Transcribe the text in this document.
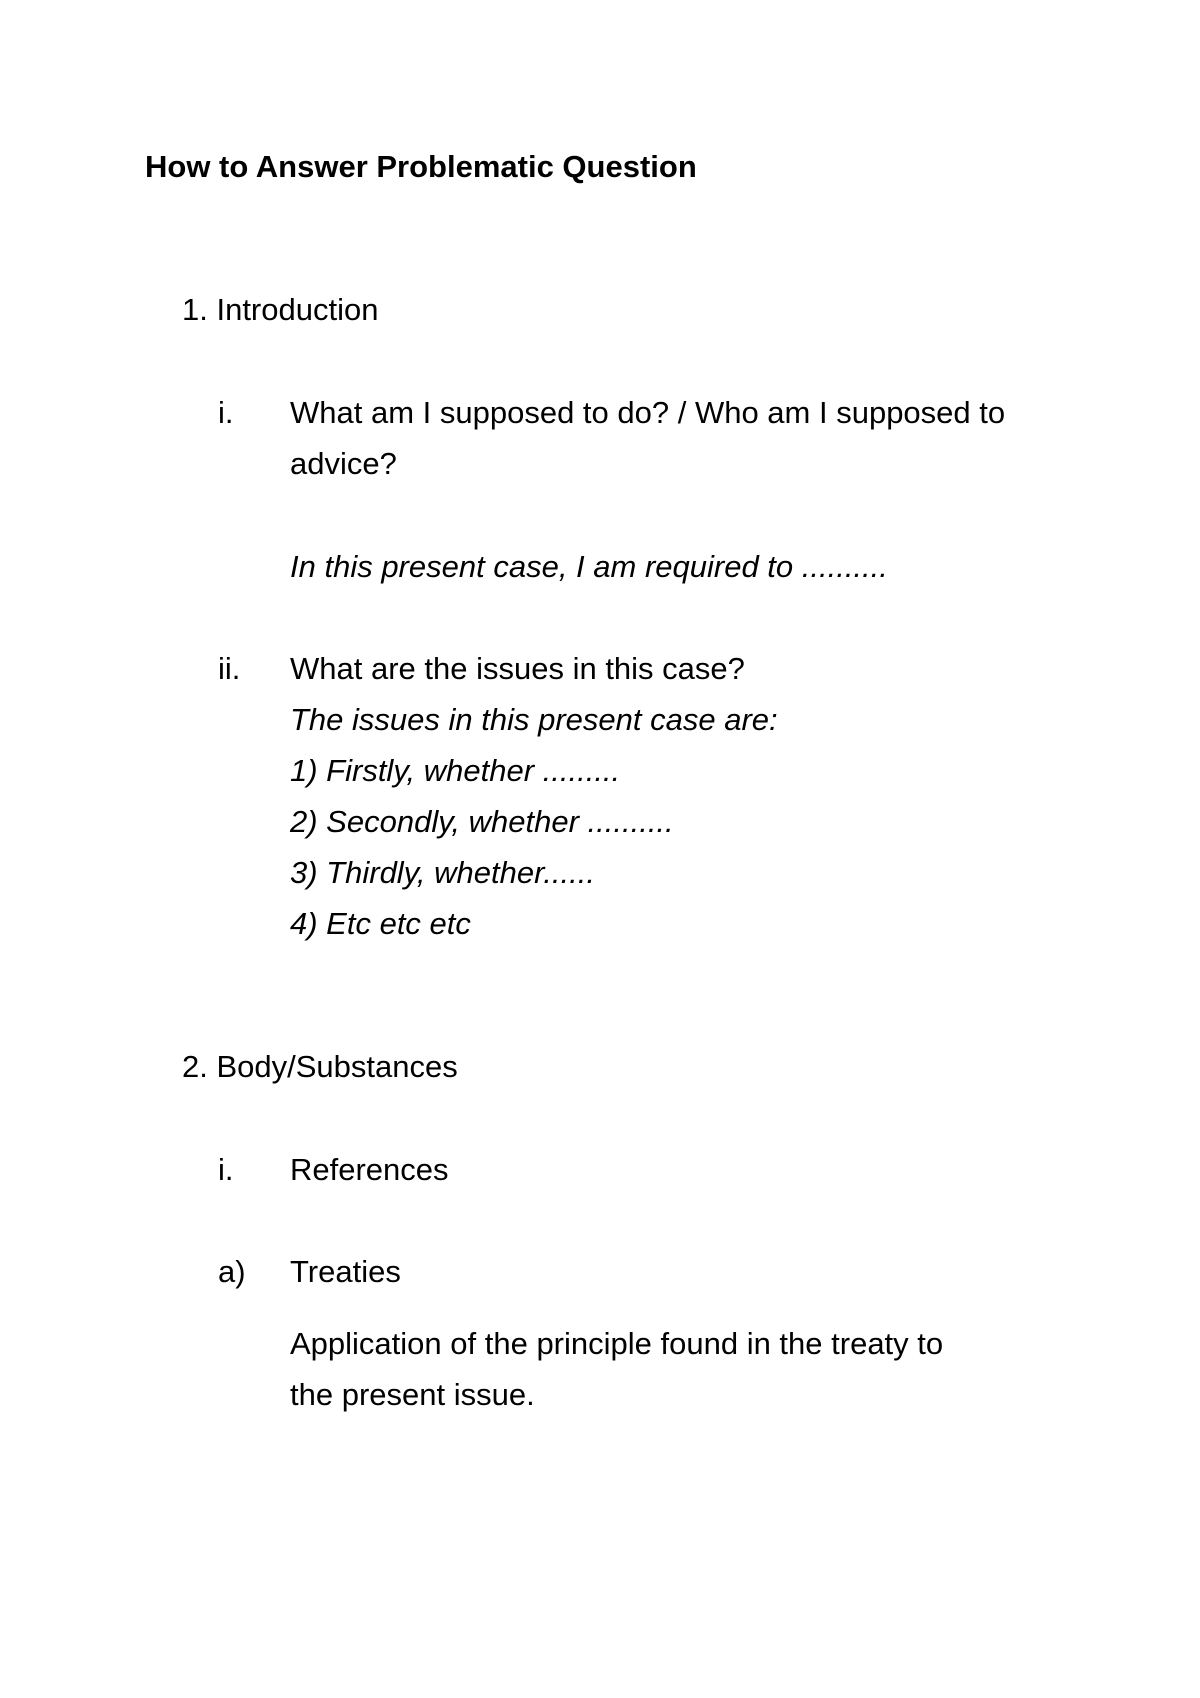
How to Answer Problematic Question
1. Introduction
i. What am I supposed to do? / Who am I supposed to
advice?
In this present case, I am required to ..........
ii. What are the issues in this case?
The issues in this present case are:
1) Firstly, whether .........
2) Secondly, whether ..........
3) Thirdly, whether......
4) Etc etc etc
2. Body/Substances
i. References
a) Treaties
Application of the principle found in the treaty to
the present issue.
